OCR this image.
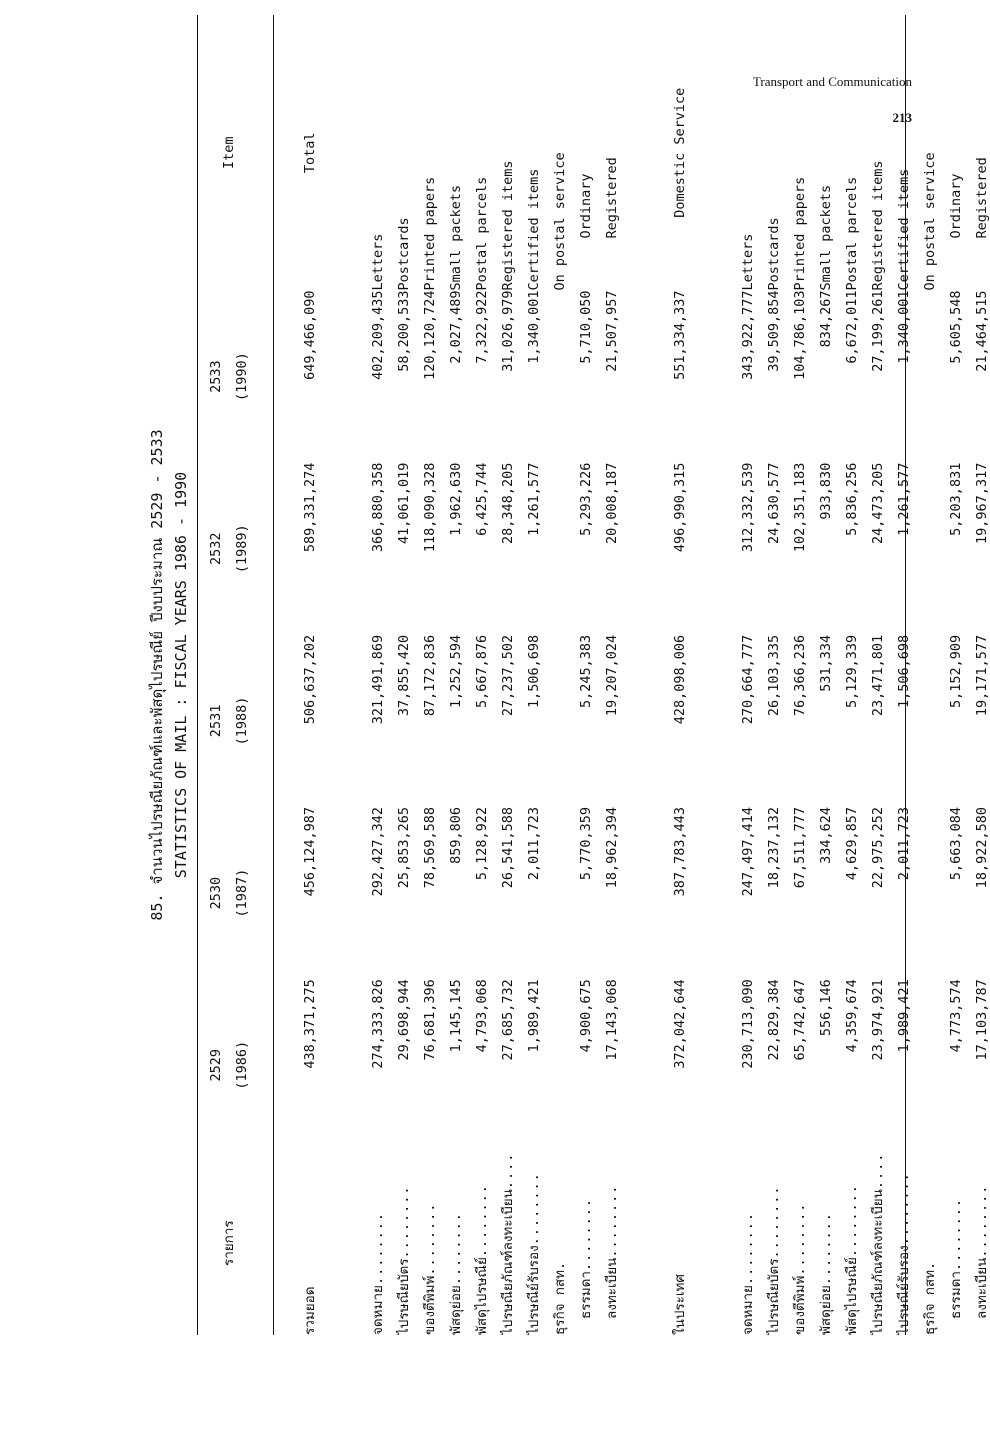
Transport and Communication
213
85. จำนวนไปรษณียภัณฑ์และพัสดุไปรษณีย์ ปีงบประมาณ 2529 - 2533 STATISTICS OF MAIL : FISCAL YEARS 1986 - 1990
รายการ	2529 (1986)	2530 (1987)	2531 (1988)	2532 (1989)	2533 (1990)	Item

รวมยอด	438,371,275	456,124,987	506,637,202	589,331,274	649,466,090	Total

จดหมาย ........	274,333,826	292,427,342	321,491,869	366,880,358	402,209,435	Letters
ไปรษณียบัตร ........	29,698,944	25,853,265	37,855,420	41,061,019	58,200,533	Postcards
ของตีพิมพ์ ........	76,681,396	78,569,588	87,172,836	118,090,328	120,120,724	Printed papers
พัสดุย่อย ........	1,145,145	859,806	1,252,594	1,962,630	2,027,489	Small packets
พัสดุไปรษณีย์ ........	4,793,068	5,128,922	5,667,876	6,425,744	7,322,922	Postal parcels
ไปรษณียภัณฑ์ลงทะเบียน ........	27,685,732	26,541,588	27,237,502	28,348,205	31,026,979	Registered items
ไปรษณีย์รับรอง ........	1,989,421	2,011,723	1,506,698	1,261,577	1,340,001	Certified items
ธุรกิจ กสท.						On postal service
ธรรมดา ........	4,900,675	5,770,359	5,245,383	5,293,226	5,710,050	Ordinary
ลงทะเบียน ........	17,143,068	18,962,394	19,207,024	20,008,187	21,507,957	Registered

ในประเทศ	372,042,644	387,783,443	428,098,006	496,990,315	551,334,337	Domestic Service

จดหมาย ........	230,713,090	247,497,414	270,664,777	312,332,539	343,922,777	Letters
ไปรษณียบัตร ........	22,829,384	18,237,132	26,103,335	24,630,577	39,509,854	Postcards
ของตีพิมพ์ ........	65,742,647	67,511,777	76,366,236	102,351,183	104,786,103	Printed papers
พัสดุย่อย ........	556,146	334,624	531,334	933,830	834,267	Small packets
พัสดุไปรษณีย์ ........	4,359,674	4,629,857	5,129,339	5,836,256	6,672,011	Postal parcels
ไปรษณียภัณฑ์ลงทะเบียน ........	23,974,921	22,975,252	23,471,801	24,473,205	27,199,261	Registered items
ไปรษณีย์รับรอง ........	1,989,421	2,011,723	1,506,698	1,261,577	1,340,001	Certified items
ธุรกิจ กสท.						On postal service
ธรรมดา ........	4,773,574	5,663,084	5,152,909	5,203,831	5,605,548	Ordinary
ลงทะเบียน ........	17,103,787	18,922,580	19,171,577	19,967,317	21,464,515	Registered
